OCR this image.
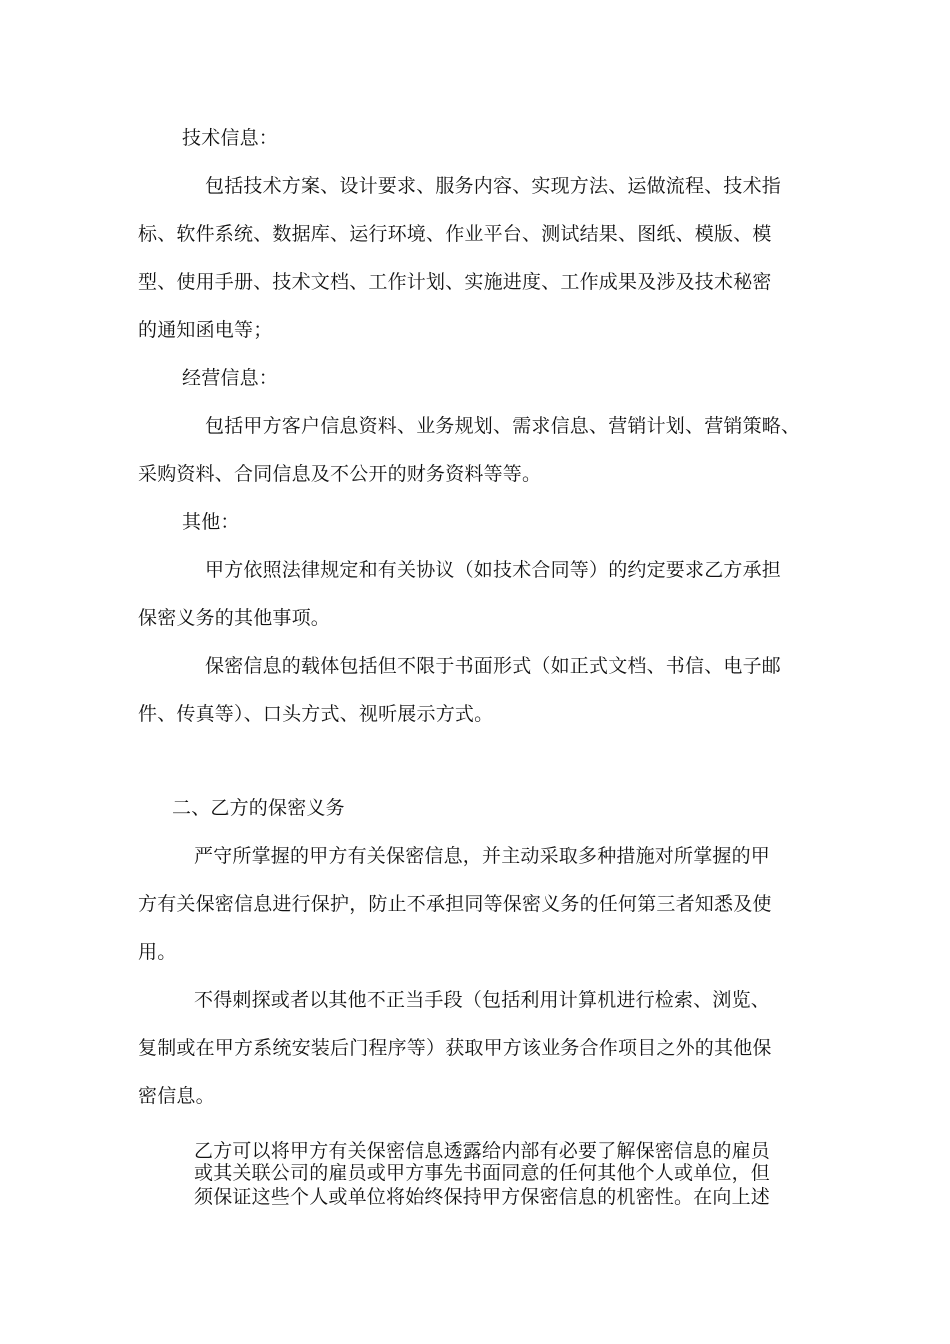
技术信息：
包括技术方案、设计要求、服务内容、实现方法、运做流程、技术指
标、软件系统、数据库、运行环境、作业平台、测试结果、图纸、模版、模
型、使用手册、技术文档、工作计划、实施进度、工作成果及涉及技术秘密
的通知函电等；
经营信息：
包括甲方客户信息资料、业务规划、需求信息、营销计划、营销策略、
采购资料、合同信息及不公开的财务资料等等。
其他：
甲方依照法律规定和有关协议（如技术合同等）的约定要求乙方承担
保密义务的其他事项。
保密信息的载体包括但不限于书面形式（如正式文档、书信、电子邮
件、传真等）、口头方式、视听展示方式。
二、乙方的保密义务
严守所掌握的甲方有关保密信息，并主动采取多种措施对所掌握的甲
方有关保密信息进行保护，防止不承担同等保密义务的任何第三者知悉及使
用。
不得刺探或者以其他不正当手段（包括利用计算机进行检索、浏览、
复制或在甲方系统安装后门程序等）获取甲方该业务合作项目之外的其他保
密信息。
乙方可以将甲方有关保密信息透露给内部有必要了解保密信息的雇员
或其关联公司的雇员或甲方事先书面同意的任何其他个人或单位，但
须保证这些个人或单位将始终保持甲方保密信息的机密性。在向上述
